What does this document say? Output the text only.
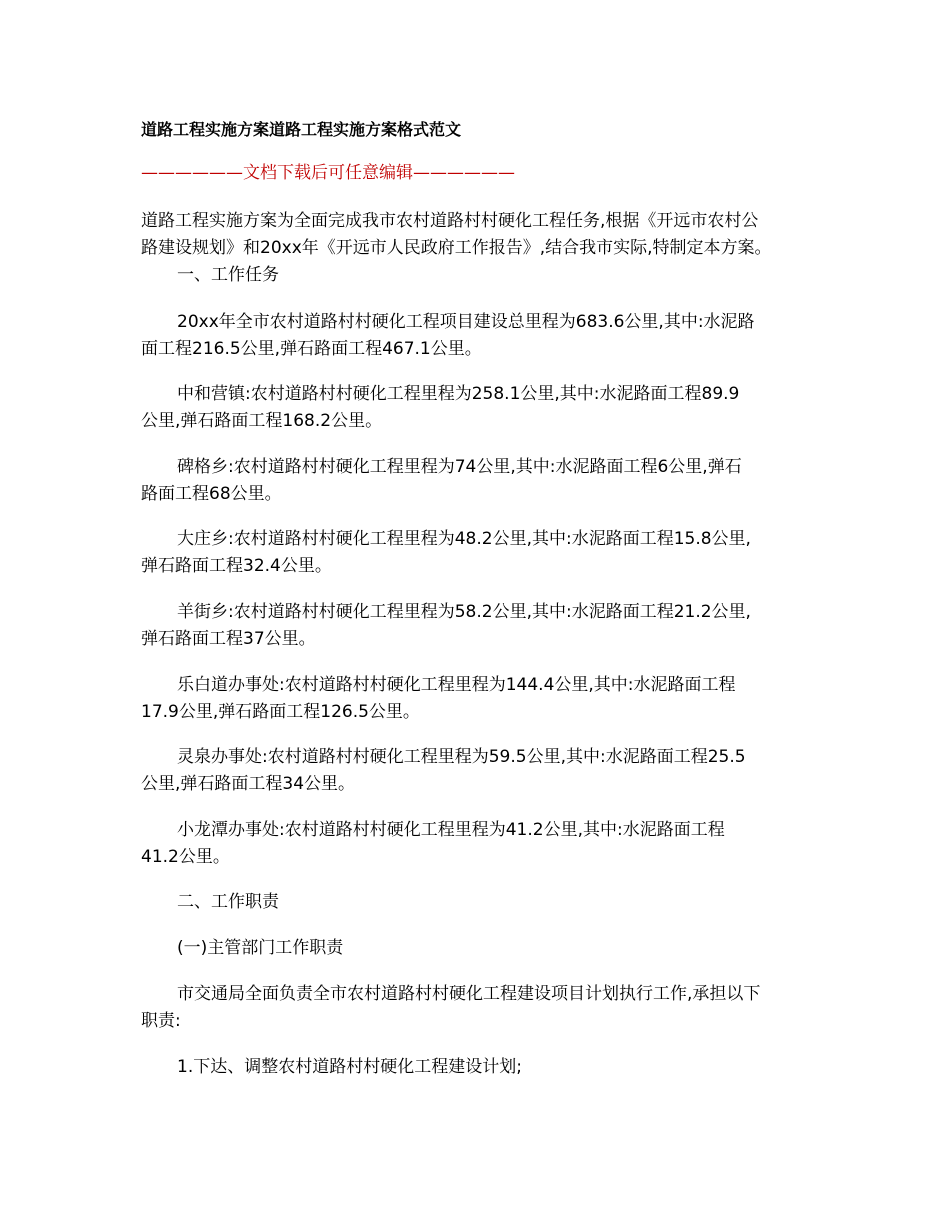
道路工程实施方案道路工程实施方案格式范文
——————文档下载后可任意编辑——————
道路工程实施方案为全面完成我市农村道路村村硬化工程任务,根据《开远市农村公
路建设规划》和20xx年《开远市人民政府工作报告》,结合我市实际,特制定本方案。
一、工作任务
20xx年全市农村道路村村硬化工程项目建设总里程为683.6公里,其中:水泥路
面工程216.5公里,弹石路面工程467.1公里。
中和营镇:农村道路村村硬化工程里程为258.1公里,其中:水泥路面工程89.9
公里,弹石路面工程168.2公里。
碑格乡:农村道路村村硬化工程里程为74公里,其中:水泥路面工程6公里,弹石
路面工程68公里。
大庄乡:农村道路村村硬化工程里程为48.2公里,其中:水泥路面工程15.8公里,
弹石路面工程32.4公里。
羊街乡:农村道路村村硬化工程里程为58.2公里,其中:水泥路面工程21.2公里,
弹石路面工程37公里。
乐白道办事处:农村道路村村硬化工程里程为144.4公里,其中:水泥路面工程
17.9公里,弹石路面工程126.5公里。
灵泉办事处:农村道路村村硬化工程里程为59.5公里,其中:水泥路面工程25.5
公里,弹石路面工程34公里。
小龙潭办事处:农村道路村村硬化工程里程为41.2公里,其中:水泥路面工程
41.2公里。
二、工作职责
(一)主管部门工作职责
市交通局全面负责全市农村道路村村硬化工程建设项目计划执行工作,承担以下
职责:
1.下达、调整农村道路村村硬化工程建设计划;
